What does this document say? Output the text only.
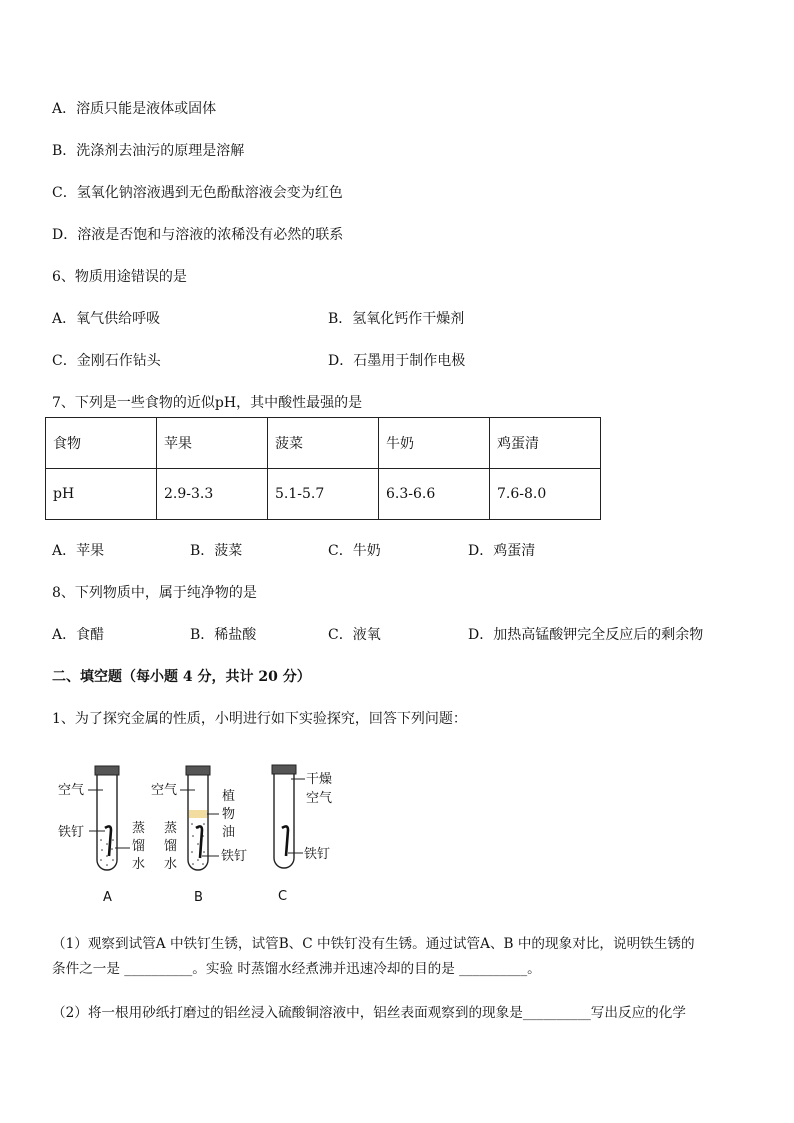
A．溶质只能是液体或固体
B．洗涤剂去油污的原理是溶解
C．氢氧化钠溶液遇到无色酚酞溶液会变为红色
D．溶液是否饱和与溶液的浓稀没有必然的联系
6、物质用途错误的是
A．氧气供给呼吸	B．氢氧化钙作干燥剂
C．金刚石作钻头	D．石墨用于制作电极
7、下列是一些食物的近似pH，其中酸性最强的是
食物	苹果	菠菜	牛奶	鸡蛋清
pH	2.9-3.3	5.1-5.7	6.3-6.6	7.6-8.0
A．苹果	B．菠菜	C．牛奶	D．鸡蛋清
8、下列物质中，属于纯净物的是
A．食醋	B．稀盐酸	C．液氧	D．加热高锰酸钾完全反应后的剩余物
二、填空题（每小题 4 分，共计 20 分）
1、为了探究金属的性质，小明进行如下实验探究，回答下列问题：
空气
铁钉	蒸
馏
水
A
空气	植
物
油
蒸
馏
水
铁钉
B
干燥
空气
铁钉
C
（1）观察到试管A 中铁钉生锈，试管B、C 中铁钉没有生锈。通过试管A、B 中的现象对比，说明铁生锈的
条件之一是 __________。实验 时蒸馏水经煮沸并迅速冷却的目的是 __________。
（2）将一根用砂纸打磨过的铝丝浸入硫酸铜溶液中，铝丝表面观察到的现象是__________写出反应的化学
